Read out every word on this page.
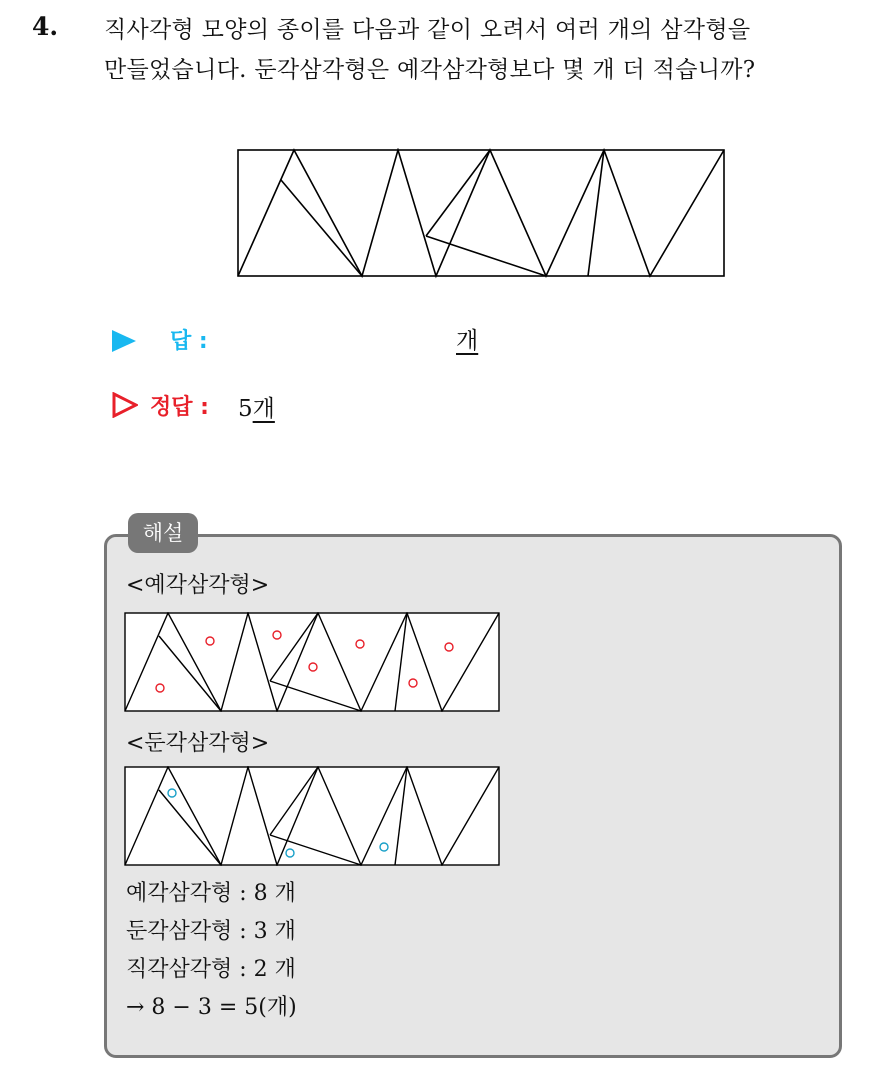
4. 직사각형 모양의 종이를 다음과 같이 오려서 여러 개의 삼각형을
만들었습니다. 둔각삼각형은 예각삼각형보다 몇 개 더 적습니까?
답 :	개
정답 : 5개
해설
<예각삼각형>
<둔각삼각형>
예각삼각형 : 8 개
둔각삼각형 : 3 개
직각삼각형 : 2 개
→ 8 − 3 = 5(개)
